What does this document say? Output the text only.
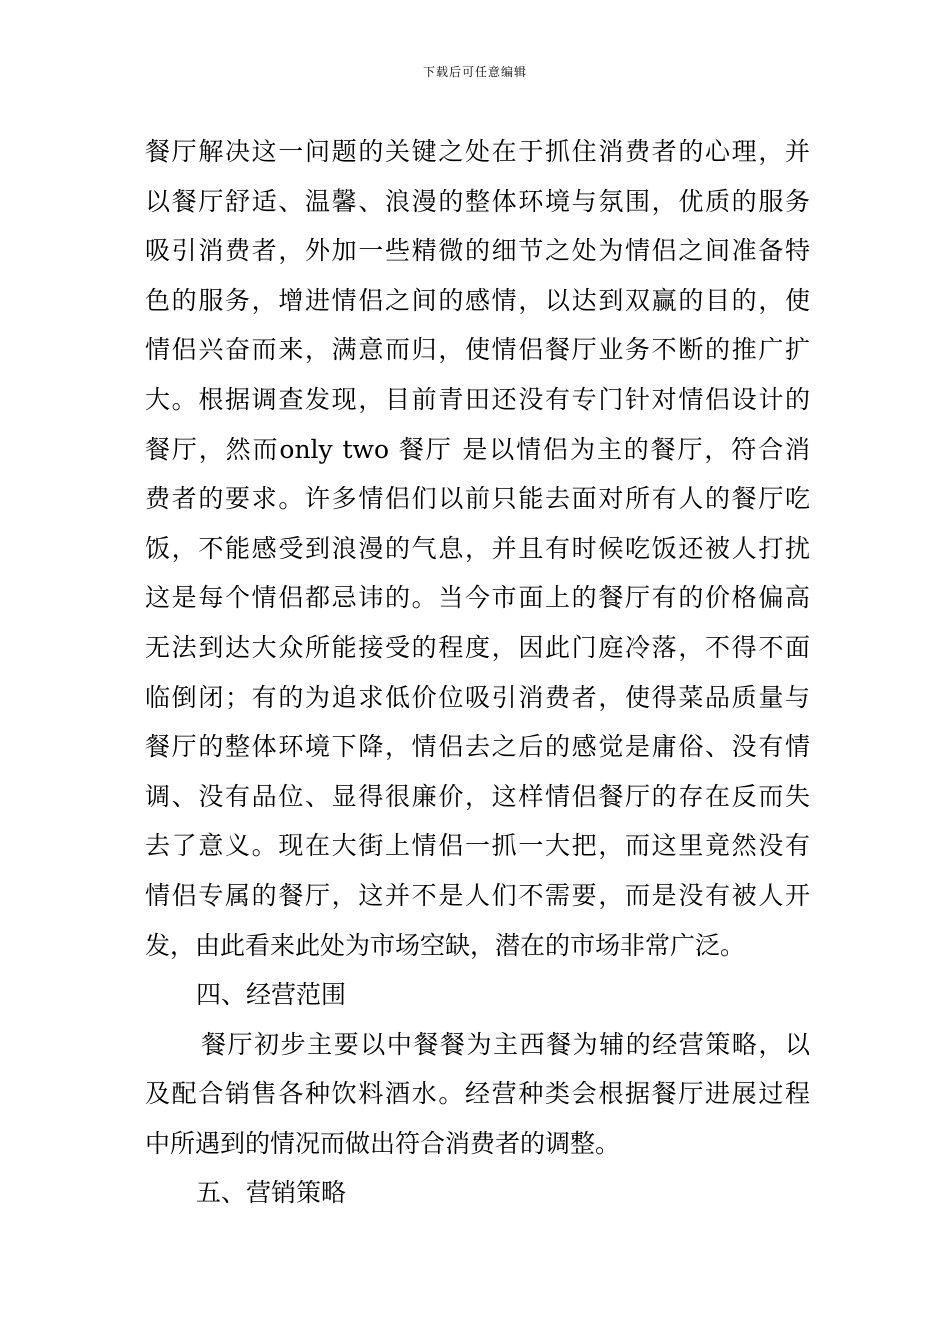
下载后可任意编辑
餐厅解决这一问题的关键之处在于抓住消费者的心理，并
以餐厅舒适、温馨、浪漫的整体环境与氛围，优质的服务
吸引消费者，外加一些精微的细节之处为情侣之间准备特
色的服务，增进情侣之间的感情，以达到双赢的目的，使
情侣兴奋而来，满意而归，使情侣餐厅业务不断的推广扩
大。根据调查发现，目前青田还没有专门针对情侣设计的
餐厅，然而only two 餐厅 是以情侣为主的餐厅，符合消
费者的要求。许多情侣们以前只能去面对所有人的餐厅吃
饭，不能感受到浪漫的气息，并且有时候吃饭还被人打扰
这是每个情侣都忌讳的。当今市面上的餐厅有的价格偏高
无法到达大众所能接受的程度，因此门庭冷落，不得不面
临倒闭；有的为追求低价位吸引消费者，使得菜品质量与
餐厅的整体环境下降，情侣去之后的感觉是庸俗、没有情
调、没有品位、显得很廉价，这样情侣餐厅的存在反而失
去了意义。现在大街上情侣一抓一大把，而这里竟然没有
情侣专属的餐厅，这并不是人们不需要，而是没有被人开
发，由此看来此处为市场空缺，潜在的市场非常广泛。
四、经营范围
餐厅初步主要以中餐餐为主西餐为辅的经营策略，以
及配合销售各种饮料酒水。经营种类会根据餐厅进展过程
中所遇到的情况而做出符合消费者的调整。
五、营销策略
